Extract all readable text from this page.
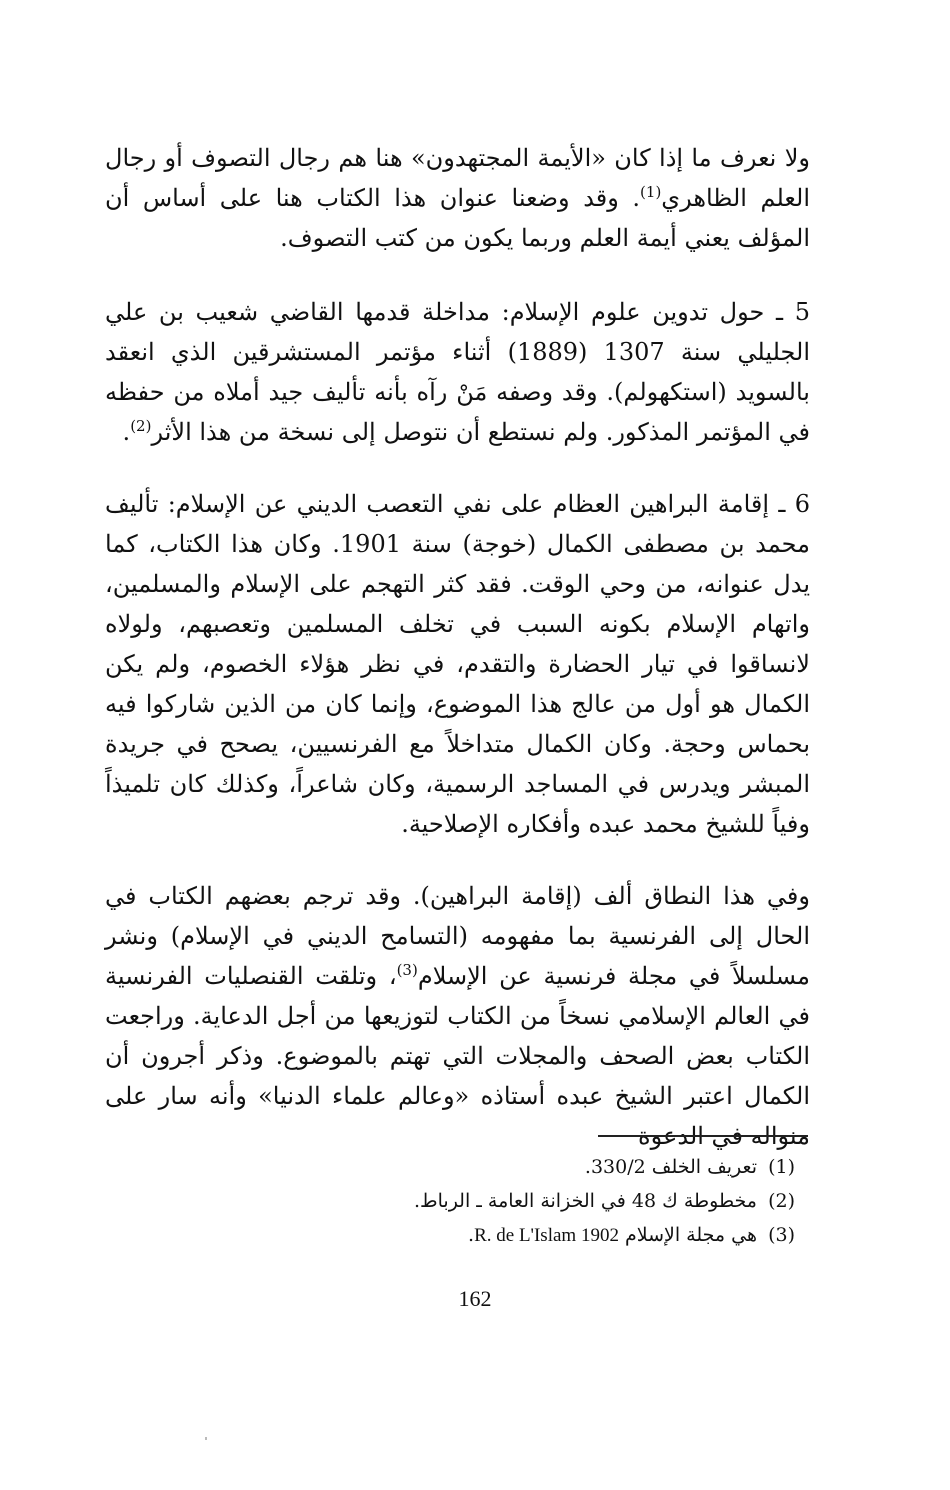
ولا نعرف ما إذا كان «الأيمة المجتهدون» هنا هم رجال التصوف أو رجال العلم الظاهري$^{(1)}$. وقد وضعنا عنوان هذا الكتاب هنا على أساس أن المؤلف يعني أيمة العلم وربما يكون من كتب التصوف.

5 ـ حول تدوين علوم الإسلام: مداخلة قدمها القاضي شعيب بن علي الجليلي سنة 1307 (1889) أثناء مؤتمر المستشرقين الذي انعقد بالسويد (استكهولم). وقد وصفه مَنْ رآه بأنه تأليف جيد أملاه من حفظه في المؤتمر المذكور. ولم نستطع أن نتوصل إلى نسخة من هذا الأثر$^{(2)}$.

6 ـ إقامة البراهين العظام على نفي التعصب الديني عن الإسلام: تأليف محمد بن مصطفى الكمال (خوجة) سنة 1901. وكان هذا الكتاب، كما يدل عنوانه، من وحي الوقت. فقد كثر التهجم على الإسلام والمسلمين، واتهام الإسلام بكونه السبب في تخلف المسلمين وتعصبهم، ولولاه لانساقوا في تيار الحضارة والتقدم، في نظر هؤلاء الخصوم، ولم يكن الكمال هو أول من عالج هذا الموضوع، وإنما كان من الذين شاركوا فيه بحماس وحجة. وكان الكمال متداخلاً مع الفرنسيين، يصحح في جريدة المبشر ويدرس في المساجد الرسمية، وكان شاعراً، وكذلك كان تلميذاً وفياً للشيخ محمد عبده وأفكاره الإصلاحية.

وفي هذا النطاق ألف (إقامة البراهين). وقد ترجم بعضهم الكتاب في الحال إلى الفرنسية بما مفهومه (التسامح الديني في الإسلام) ونشر مسلسلاً في مجلة فرنسية عن الإسلام$^{(3)}$، وتلقت القنصليات الفرنسية في العالم الإسلامي نسخاً من الكتاب لتوزيعها من أجل الدعاية. وراجعت الكتاب بعض الصحف والمجلات التي تهتم بالموضوع. وذكر أجرون أن الكمال اعتبر الشيخ عبده أستاذه «وعالم علماء الدنيا» وأنه سار على منواله في الدعوة

(1)تعريف الخلف 330/2.

(2)مخطوطة ك 48 في الخزانة العامة ـ الرباط.

(3)هي مجلة الإسلام R. de L'Islam 1902.

162
